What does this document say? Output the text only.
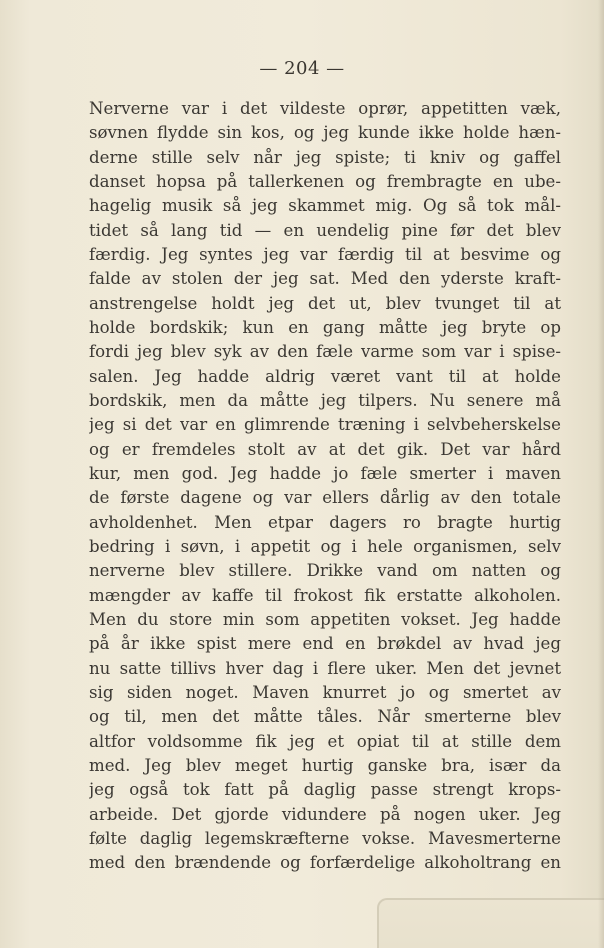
— 204 —
Nerverne var i det vildeste oprør, appetitten væk,
søvnen flydde sin kos, og jeg kunde ikke holde hæn-
derne stille selv når jeg spiste; ti kniv og gaffel
danset hopsa på tallerkenen og frembragte en ube-
hagelig musik så jeg skammet mig. Og så tok mål-
tidet så lang tid — en uendelig pine før det blev
færdig. Jeg syntes jeg var færdig til at besvime og
falde av stolen der jeg sat. Med den yderste kraft-
anstrengelse holdt jeg det ut, blev tvunget til at
holde bordskik; kun en gang måtte jeg bryte op
fordi jeg blev syk av den fæle varme som var i spise-
salen. Jeg hadde aldrig været vant til at holde
bordskik, men da måtte jeg tilpers. Nu senere må
jeg si det var en glimrende træning i selvbeherskelse
og er fremdeles stolt av at det gik. Det var hård
kur, men god. Jeg hadde jo fæle smerter i maven
de første dagene og var ellers dårlig av den totale
avholdenhet. Men etpar dagers ro bragte hurtig
bedring i søvn, i appetit og i hele organismen, selv
nerverne blev stillere. Drikke vand om natten og
mængder av kaffe til frokost fik erstatte alkoholen.
Men du store min som appetiten vokset. Jeg hadde
på år ikke spist mere end en brøkdel av hvad jeg
nu satte tillivs hver dag i flere uker. Men det jevnet
sig siden noget. Maven knurret jo og smertet av
og til, men det måtte tåles. Når smerterne blev
altfor voldsomme fik jeg et opiat til at stille dem
med. Jeg blev meget hurtig ganske bra, især da
jeg også tok fatt på daglig passe strengt krops-
arbeide. Det gjorde vidundere på nogen uker. Jeg
følte daglig legemskræfterne vokse. Mavesmerterne
med den brændende og forfærdelige alkoholtrang en
